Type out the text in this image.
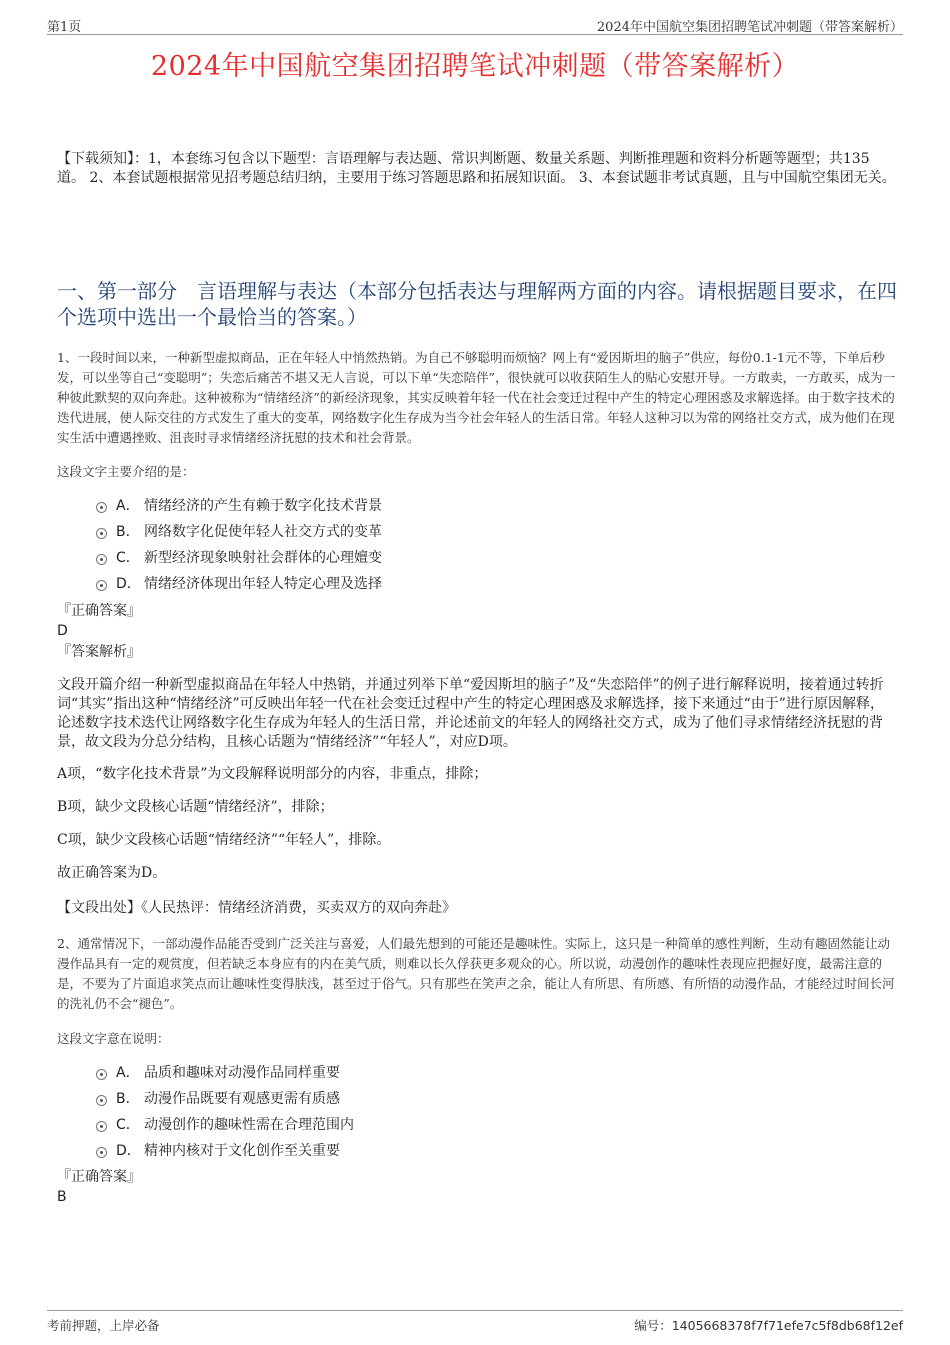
第1页	2024年中国航空集团招聘笔试冲刺题（带答案解析）
2024年中国航空集团招聘笔试冲刺题（带答案解析）
【下载须知】：1，本套练习包含以下题型：言语理解与表达题、常识判断题、数量关系题、判断推理题和资料分析题等题型；共135道。 2、本套试题根据常见招考题总结归纳，主要用于练习答题思路和拓展知识面。 3、本套试题非考试真题，且与中国航空集团无关。
一、第一部分　言语理解与表达（本部分包括表达与理解两方面的内容。请根据题目要求，在四个选项中选出一个最恰当的答案。）
1、一段时间以来，一种新型虚拟商品，正在年轻人中悄然热销。为自己不够聪明而烦恼？网上有“爱因斯坦的脑子”供应，每份0.1-1元不等，下单后秒发，可以坐等自己“变聪明”；失恋后痛苦不堪又无人言说，可以下单“失恋陪伴”，很快就可以收获陌生人的贴心安慰开导。一方敢卖，一方敢买，成为一种彼此默契的双向奔赴。这种被称为“情绪经济”的新经济现象，其实反映着年轻一代在社会变迁过程中产生的特定心理困惑及求解选择。由于数字技术的迭代进展，使人际交往的方式发生了重大的变革，网络数字化生存成为当今社会年轻人的生活日常。年轻人这种习以为常的网络社交方式，成为他们在现实生活中遭遇挫败、沮丧时寻求情绪经济抚慰的技术和社会背景。
这段文字主要介绍的是：
A． 情绪经济的产生有赖于数字化技术背景
B． 网络数字化促使年轻人社交方式的变革
C． 新型经济现象映射社会群体的心理嬗变
D． 情绪经济体现出年轻人特定心理及选择
『正确答案』
D
『答案解析』
文段开篇介绍一种新型虚拟商品在年轻人中热销，并通过列举下单“爱因斯坦的脑子”及“失恋陪伴”的例子进行解释说明，接着通过转折词“其实”指出这种“情绪经济”可反映出年轻一代在社会变迁过程中产生的特定心理困惑及求解选择，接下来通过“由于”进行原因解释，论述数字技术迭代让网络数字化生存成为年轻人的生活日常，并论述前文的年轻人的网络社交方式，成为了他们寻求情绪经济抚慰的背景，故文段为分总分结构，且核心话题为“情绪经济”“年轻人”，对应D项。
A项，“数字化技术背景”为文段解释说明部分的内容，非重点，排除；
B项，缺少文段核心话题“情绪经济”，排除；
C项，缺少文段核心话题“情绪经济”“年轻人”，排除。
故正确答案为D。
【文段出处】《人民热评：情绪经济消费，买卖双方的双向奔赴》
2、通常情况下，一部动漫作品能否受到广泛关注与喜爱，人们最先想到的可能还是趣味性。实际上，这只是一种简单的感性判断，生动有趣固然能让动漫作品具有一定的观赏度，但若缺乏本身应有的内在美气质，则难以长久俘获更多观众的心。所以说，动漫创作的趣味性表现应把握好度，最需注意的是，不要为了片面追求笑点而让趣味性变得肤浅，甚至过于俗气。只有那些在笑声之余，能让人有所思、有所感、有所悟的动漫作品，才能经过时间长河的洗礼仍不会“褪色”。
这段文字意在说明：
A． 品质和趣味对动漫作品同样重要
B． 动漫作品既要有观感更需有质感
C． 动漫创作的趣味性需在合理范围内
D． 精神内核对于文化创作至关重要
『正确答案』
B
考前押题，上岸必备	编号：1405668378f7f71efe7c5f8db68f12ef
